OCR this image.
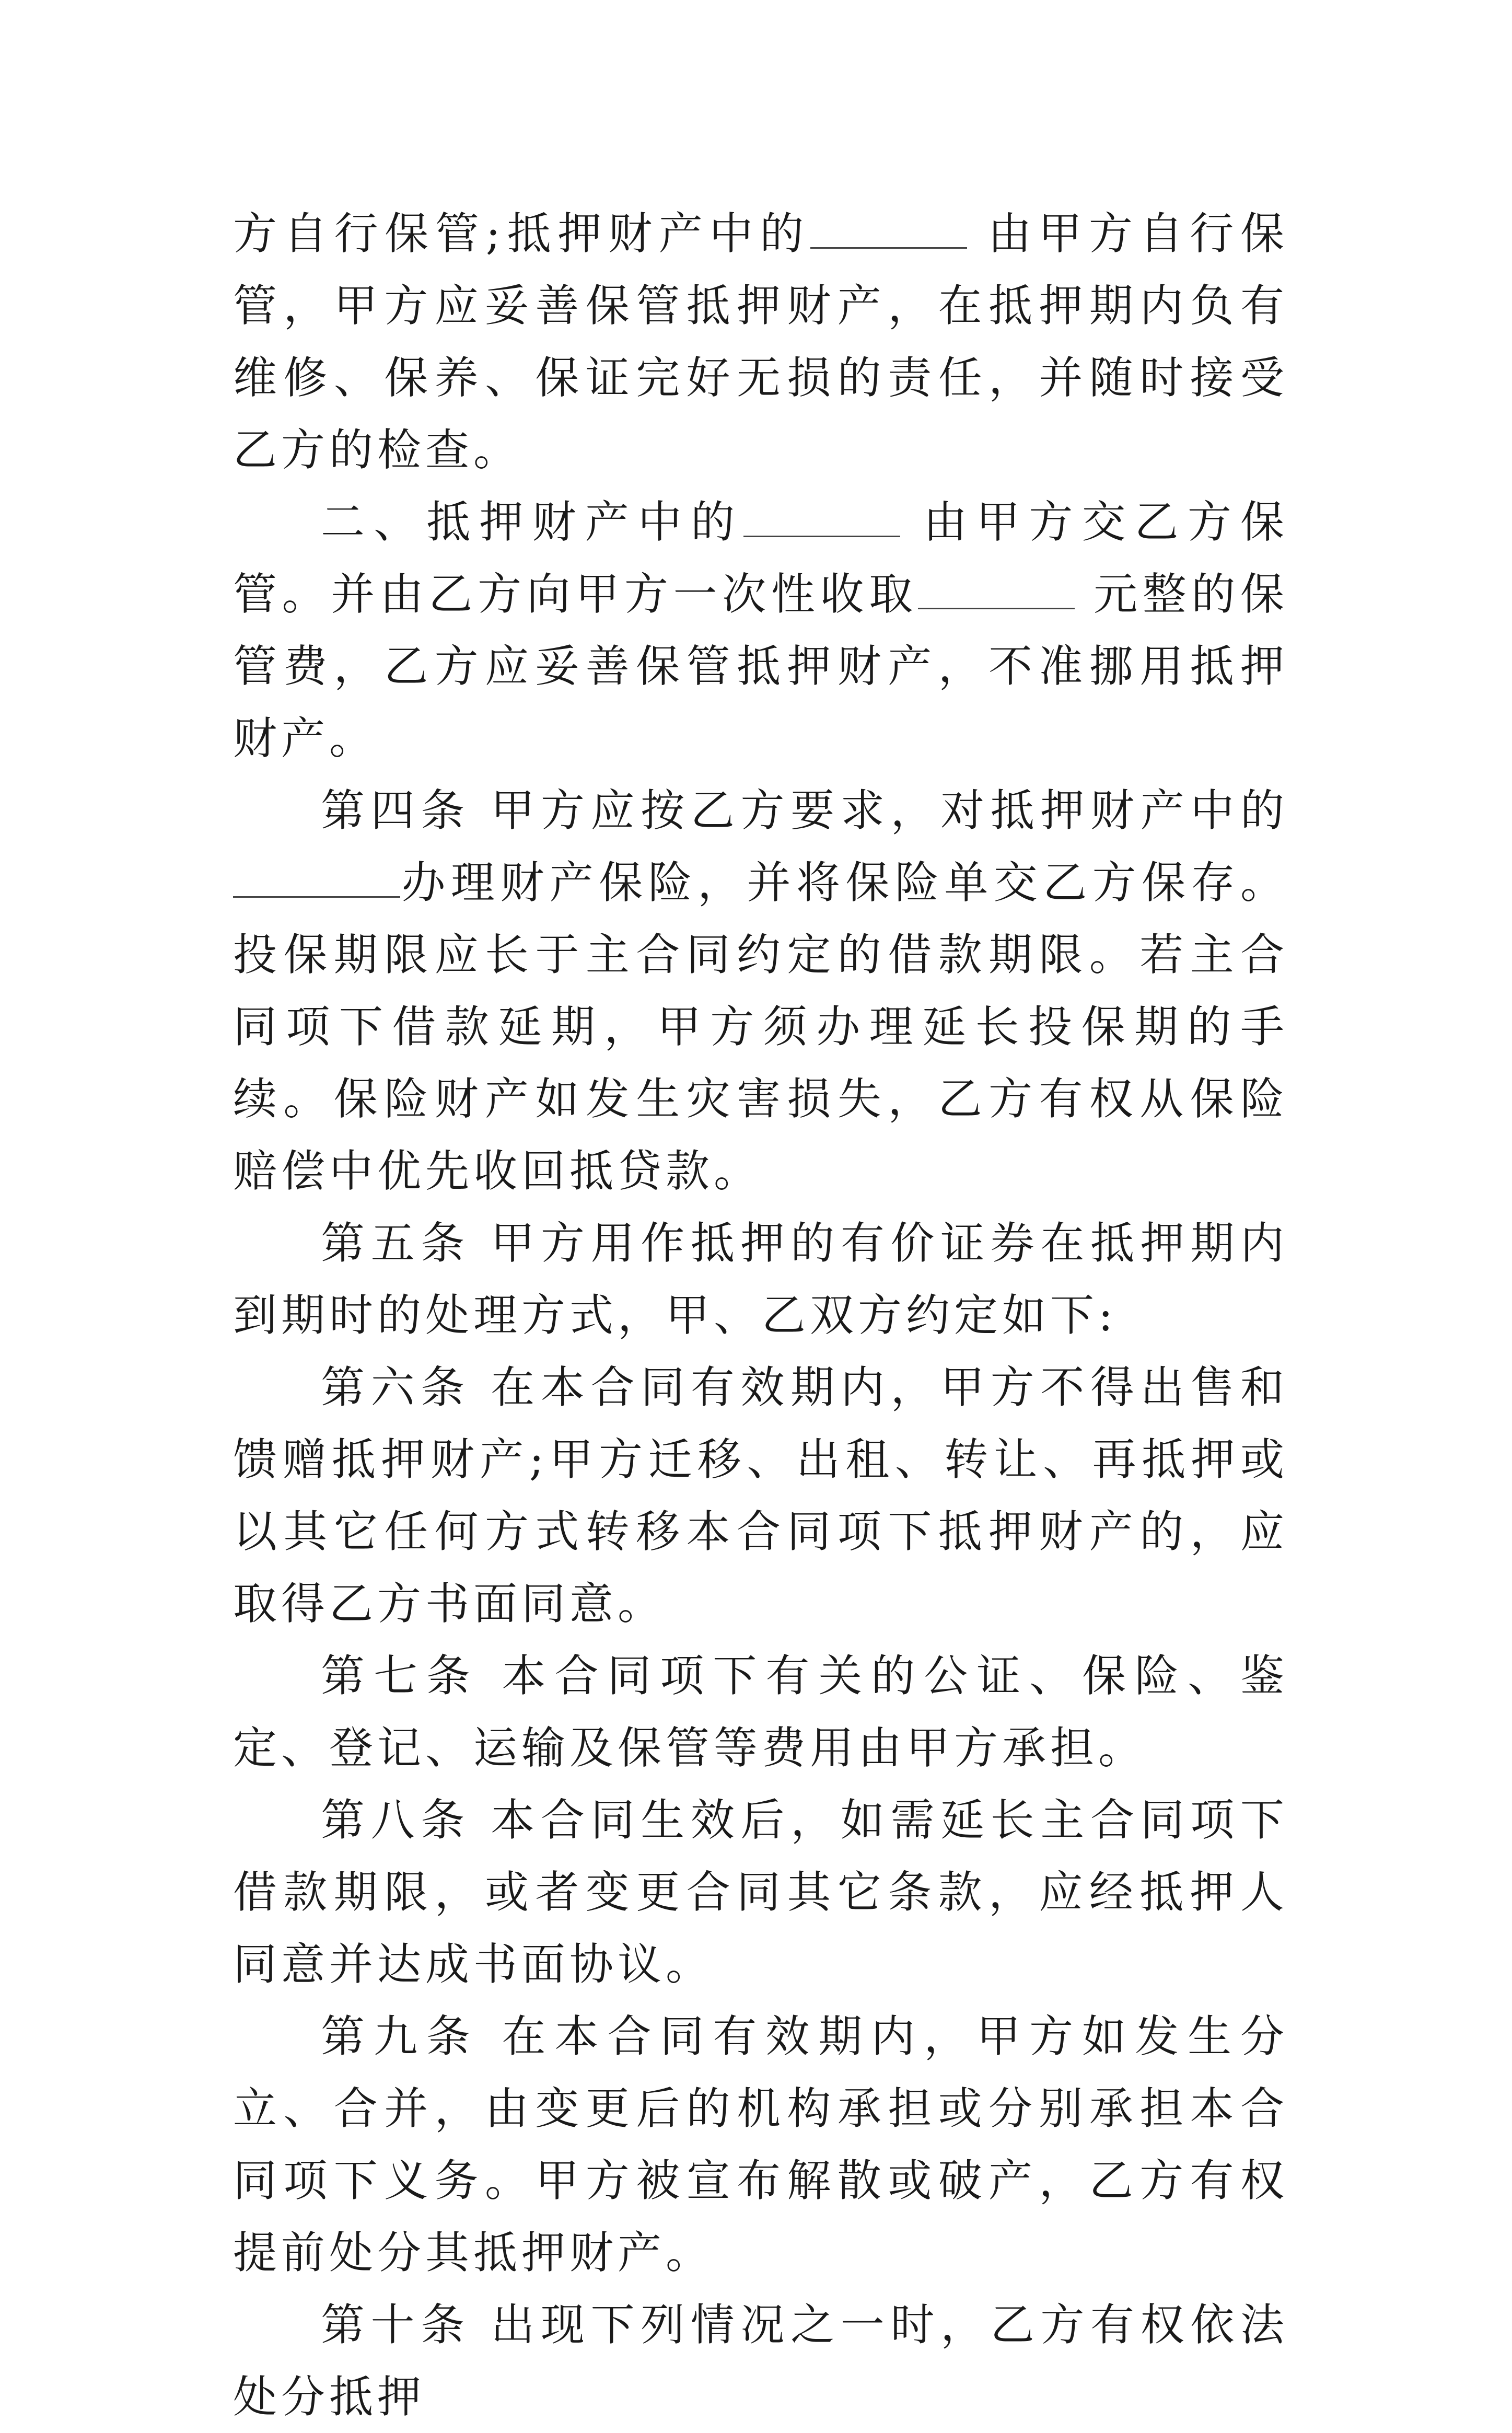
方自行保管;抵押财产中的	由甲方自行保管，甲方应妥善保管抵押财产，在抵押期内负有维修、保养、保证完好无损的责任，并随时接受乙方的检查。

二、抵押财产中的	由甲方交乙方保管。并由乙方向甲方一次性收取	元整的保管费，乙方应妥善保管抵押财产，不准挪用抵押财产。

第四条 甲方应按乙方要求，对抵押财产中的办理财产保险，并将保险单交乙方保存。投保期限应长于主合同约定的借款期限。若主合同项下借款延期，甲方须办理延长投保期的手续。保险财产如发生灾害损失，乙方有权从保险赔偿中优先收回抵贷款。

第五条 甲方用作抵押的有价证券在抵押期内到期时的处理方式，甲、乙双方约定如下:

第六条 在本合同有效期内，甲方不得出售和馈赠抵押财产;甲方迁移、出租、转让、再抵押或以其它任何方式转移本合同项下抵押财产的，应取得乙方书面同意。

第七条 本合同项下有关的公证、保险、鉴定、登记、运输及保管等费用由甲方承担。

第八条 本合同生效后，如需延长主合同项下借款期限，或者变更合同其它条款，应经抵押人同意并达成书面协议。

第九条 在本合同有效期内，甲方如发生分立、合并，由变更后的机构承担或分别承担本合同项下义务。甲方被宣布解散或破产，乙方有权提前处分其抵押财产。

第十条 出现下列情况之一时，乙方有权依法处分抵押
